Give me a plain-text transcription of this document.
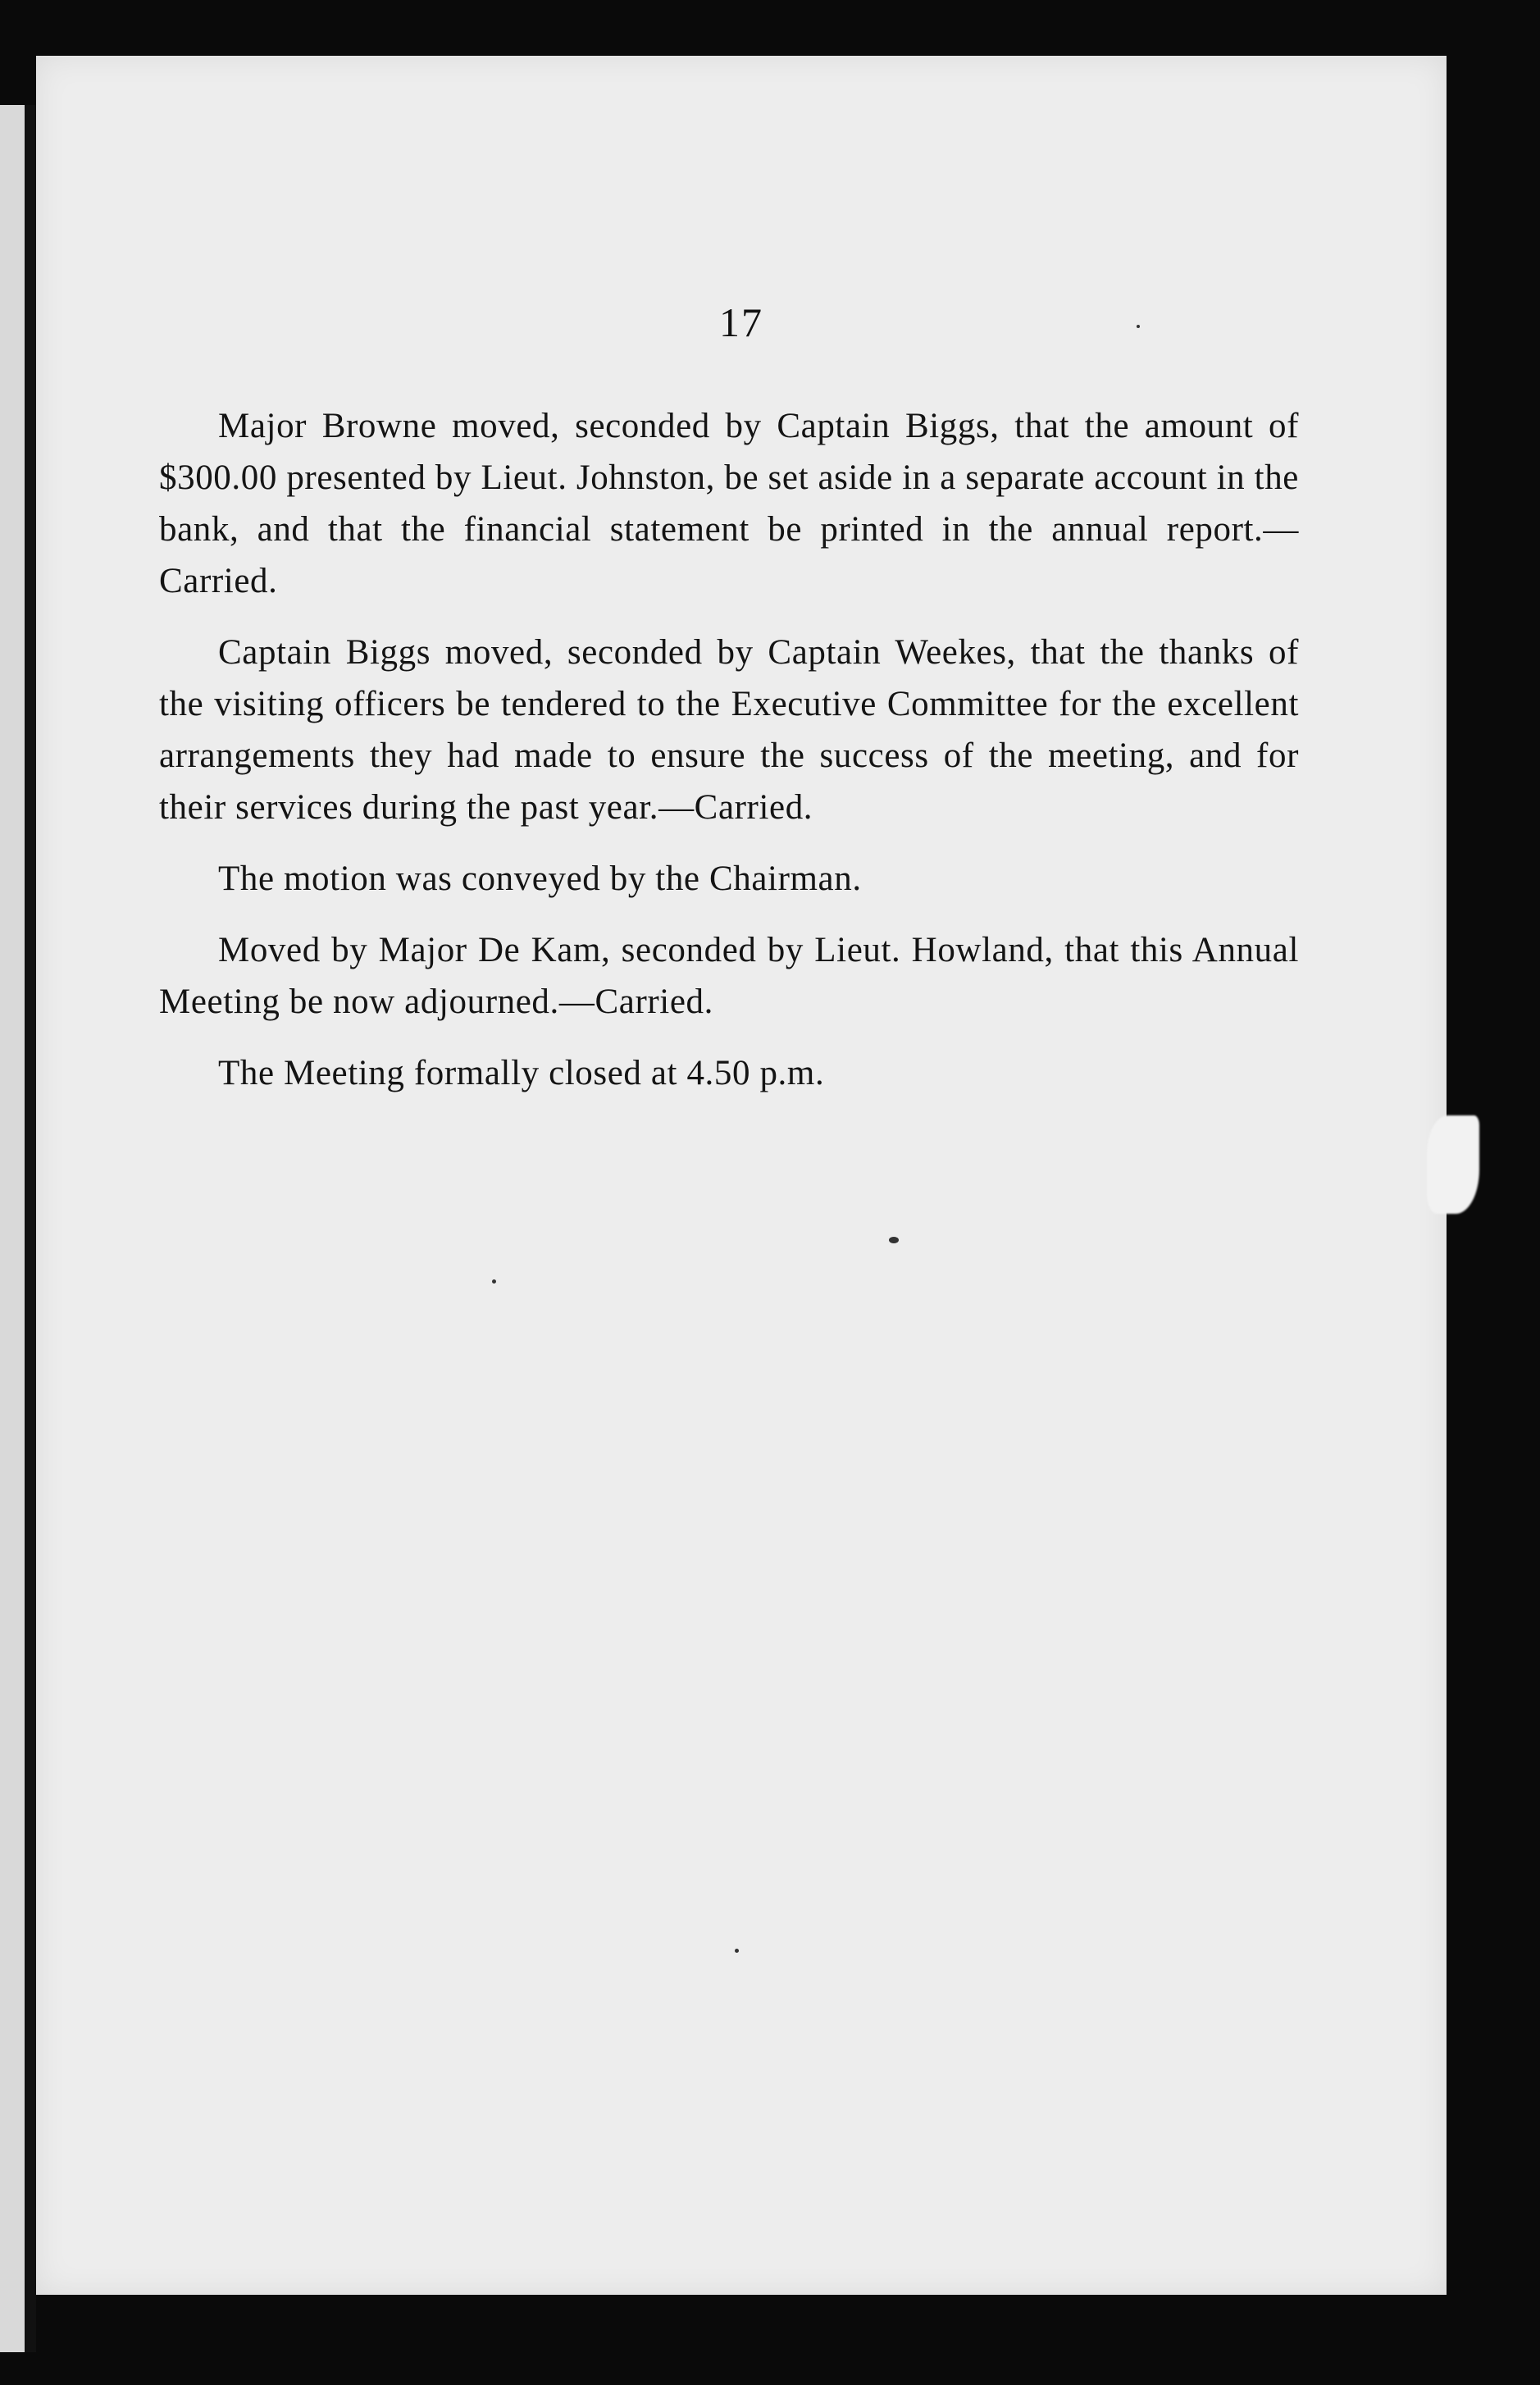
17

Major Browne moved, seconded by Captain Biggs, that the amount of $300.00 presented by Lieut. Johnston, be set aside in a separate account in the bank, and that the financial statement be printed in the annual report.—Carried.

Captain Biggs moved, seconded by Captain Weekes, that the thanks of the visiting officers be tendered to the Executive Committee for the excellent arrangements they had made to ensure the success of the meeting, and for their services during the past year.—Carried.

The motion was conveyed by the Chairman.

Moved by Major De Kam, seconded by Lieut. Howland, that this Annual Meeting be now adjourned.—Carried.

The Meeting formally closed at 4.50 p.m.
